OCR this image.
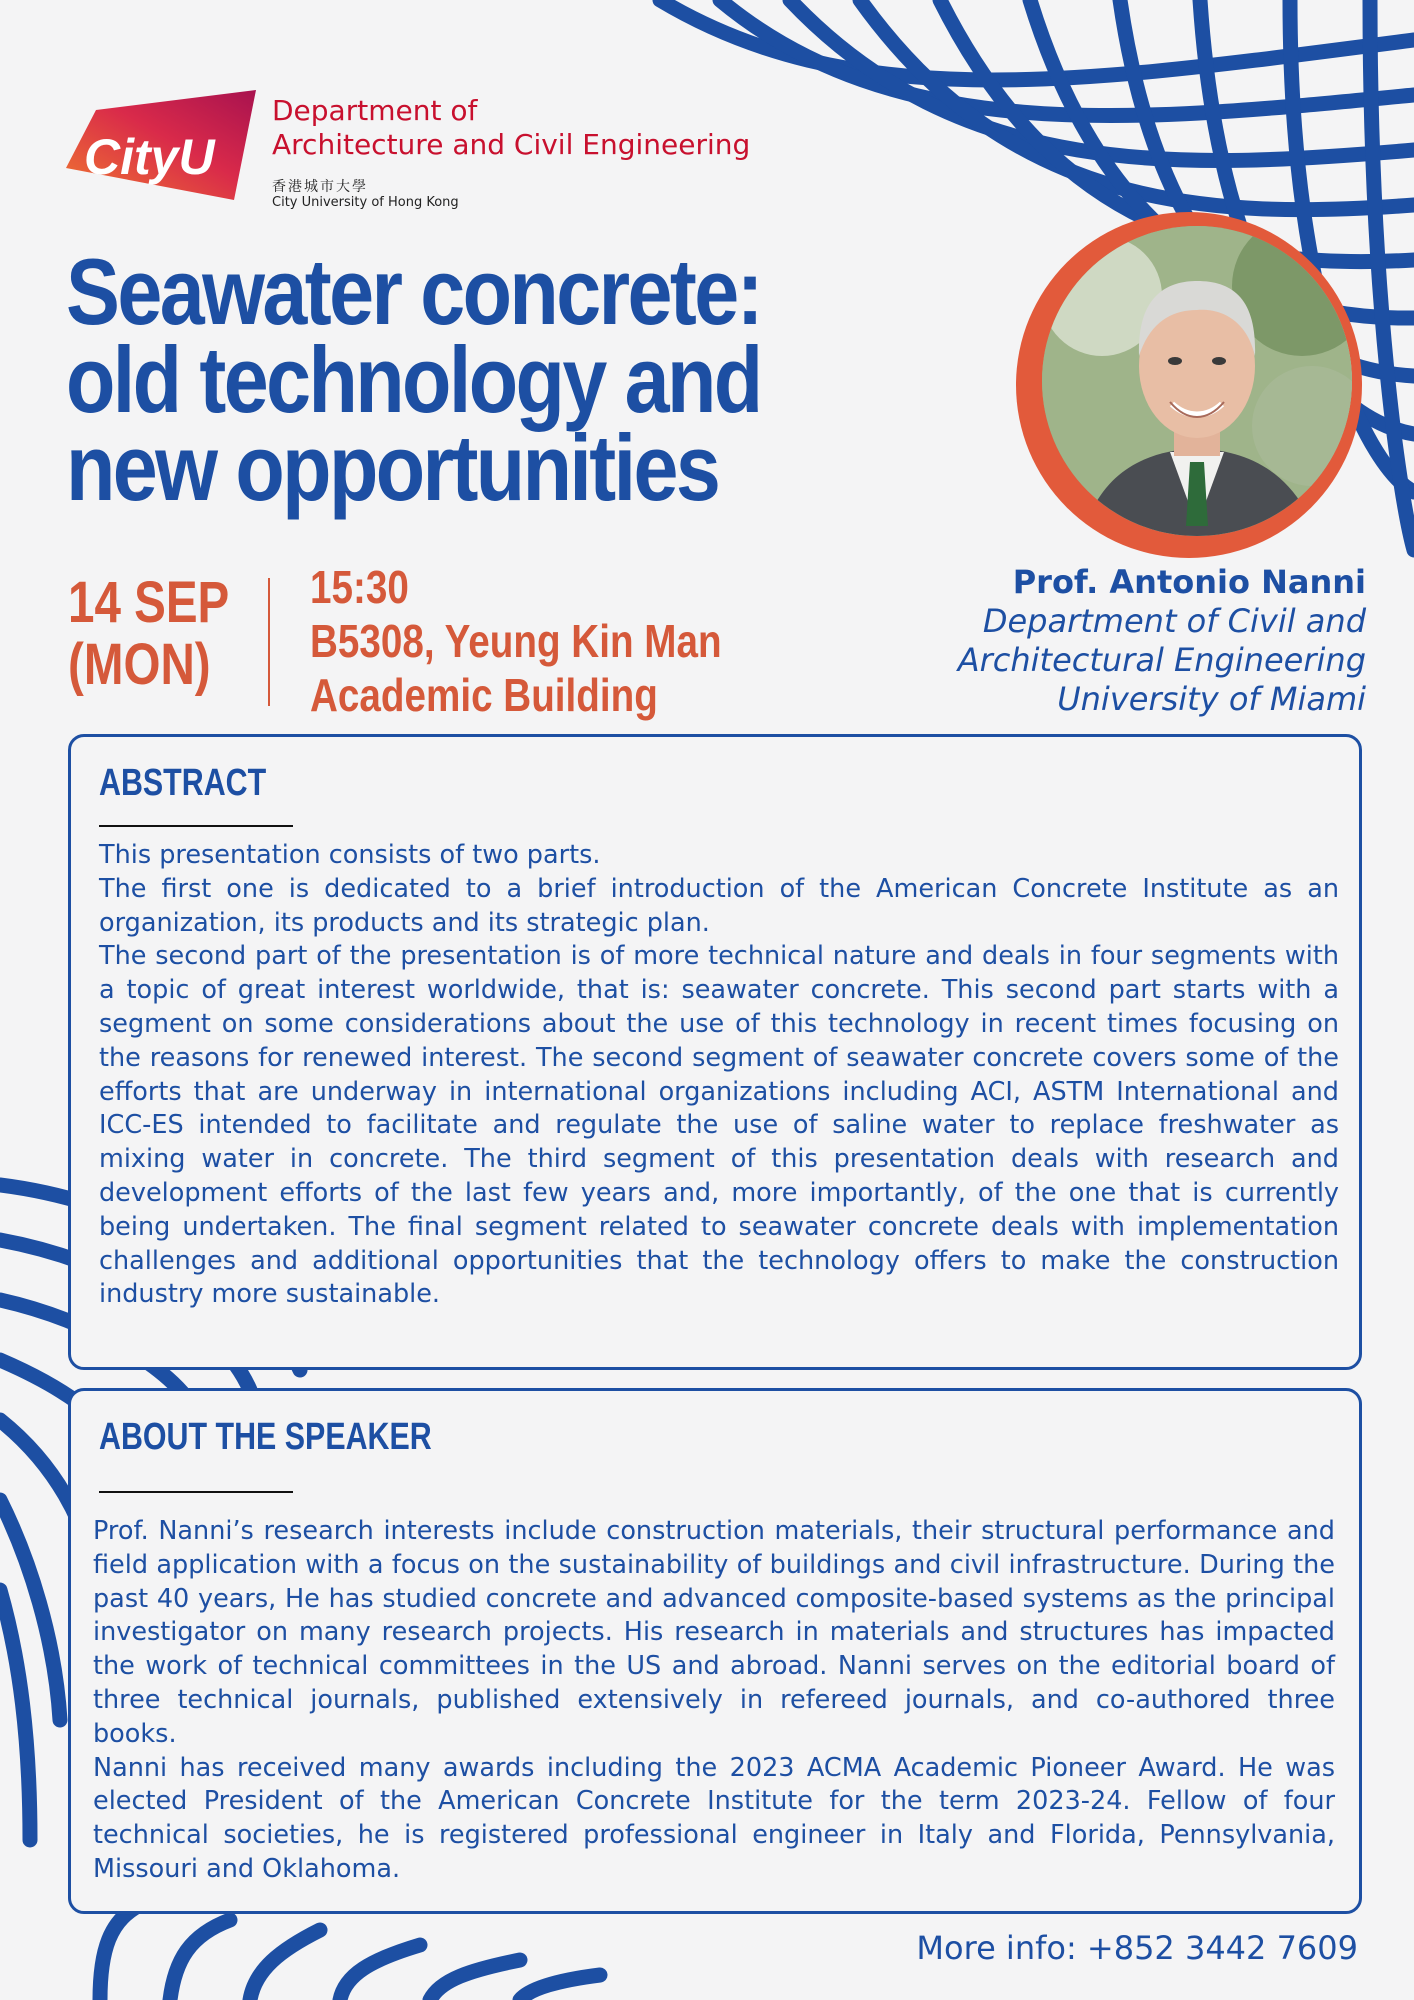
CityU
Department of
Architecture and Civil Engineering
香港城市大學
City University of Hong Kong
Seawater concrete:
old technology and
new opportunities
14 SEP
(MON)
15:30
B5308, Yeung Kin Man
Academic Building
Prof. Antonio Nanni
Department of Civil and
Architectural Engineering
University of Miami
ABSTRACT

This presentation consists of two parts.

The first one is dedicated to a brief introduction of the American Concrete Institute as an organization, its products and its strategic plan.

The second part of the presentation is of more technical nature and deals in four segments with a topic of great interest worldwide, that is: seawater concrete. This second part starts with a segment on some considerations about the use of this technology in recent times focusing on the reasons for renewed interest. The second segment of seawater concrete covers some of the efforts that are underway in international organizations including ACI, ASTM International and ICC-ES intended to facilitate and regulate the use of saline water to replace freshwater as mixing water in concrete. The third segment of this presentation deals with research and development efforts of the last few years and, more importantly, of the one that is currently being undertaken. The final segment related to seawater concrete deals with implementation challenges and additional opportunities that the technology offers to make the construction industry more sustainable.

ABOUT THE SPEAKER

Prof. Nanni’s research interests include construction materials, their structural performance and field application with a focus on the sustainability of buildings and civil infrastructure. During the past 40 years, He has studied concrete and advanced composite-based systems as the principal investigator on many research projects. His research in materials and structures has impacted the work of technical committees in the US and abroad. Nanni serves on the editorial board of three technical journals, published extensively in refereed journals, and co-authored three books.

Nanni has received many awards including the 2023 ACMA Academic Pioneer Award. He was elected President of the American Concrete Institute for the term 2023-24. Fellow of four technical societies, he is registered professional engineer in Italy and Florida, Pennsylvania, Missouri and Oklahoma.

More info: +852 3442 7609
